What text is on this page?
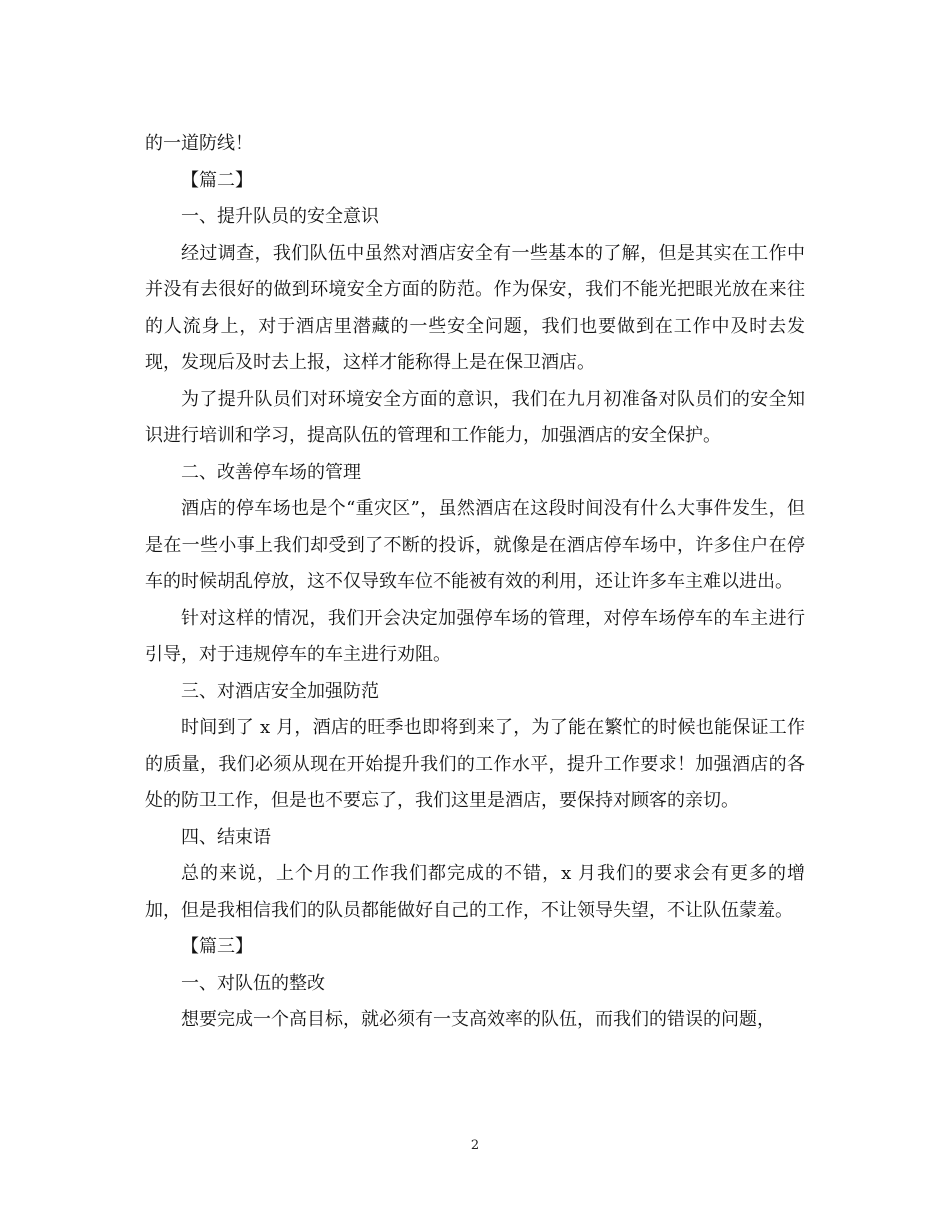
的一道防线！

【篇二】

一、提升队员的安全意识

经过调查，我们队伍中虽然对酒店安全有一些基本的了解，但是其实在工作中并没有去很好的做到环境安全方面的防范。作为保安，我们不能光把眼光放在来往的人流身上，对于酒店里潜藏的一些安全问题，我们也要做到在工作中及时去发现，发现后及时去上报，这样才能称得上是在保卫酒店。

为了提升队员们对环境安全方面的意识，我们在九月初准备对队员们的安全知识进行培训和学习，提高队伍的管理和工作能力，加强酒店的安全保护。

二、改善停车场的管理

酒店的停车场也是个“重灾区”，虽然酒店在这段时间没有什么大事件发生，但是在一些小事上我们却受到了不断的投诉，就像是在酒店停车场中，许多住户在停车的时候胡乱停放，这不仅导致车位不能被有效的利用，还让许多车主难以进出。

针对这样的情况，我们开会决定加强停车场的管理，对停车场停车的车主进行引导，对于违规停车的车主进行劝阻。

三、对酒店安全加强防范

时间到了 x 月，酒店的旺季也即将到来了，为了能在繁忙的时候也能保证工作的质量，我们必须从现在开始提升我们的工作水平，提升工作要求！加强酒店的各处的防卫工作，但是也不要忘了，我们这里是酒店，要保持对顾客的亲切。

四、结束语

总的来说，上个月的工作我们都完成的不错，x 月我们的要求会有更多的增加，但是我相信我们的队员都能做好自己的工作，不让领导失望，不让队伍蒙羞。

【篇三】

一、对队伍的整改

想要完成一个高目标，就必须有一支高效率的队伍，而我们的错误的问题，

2
